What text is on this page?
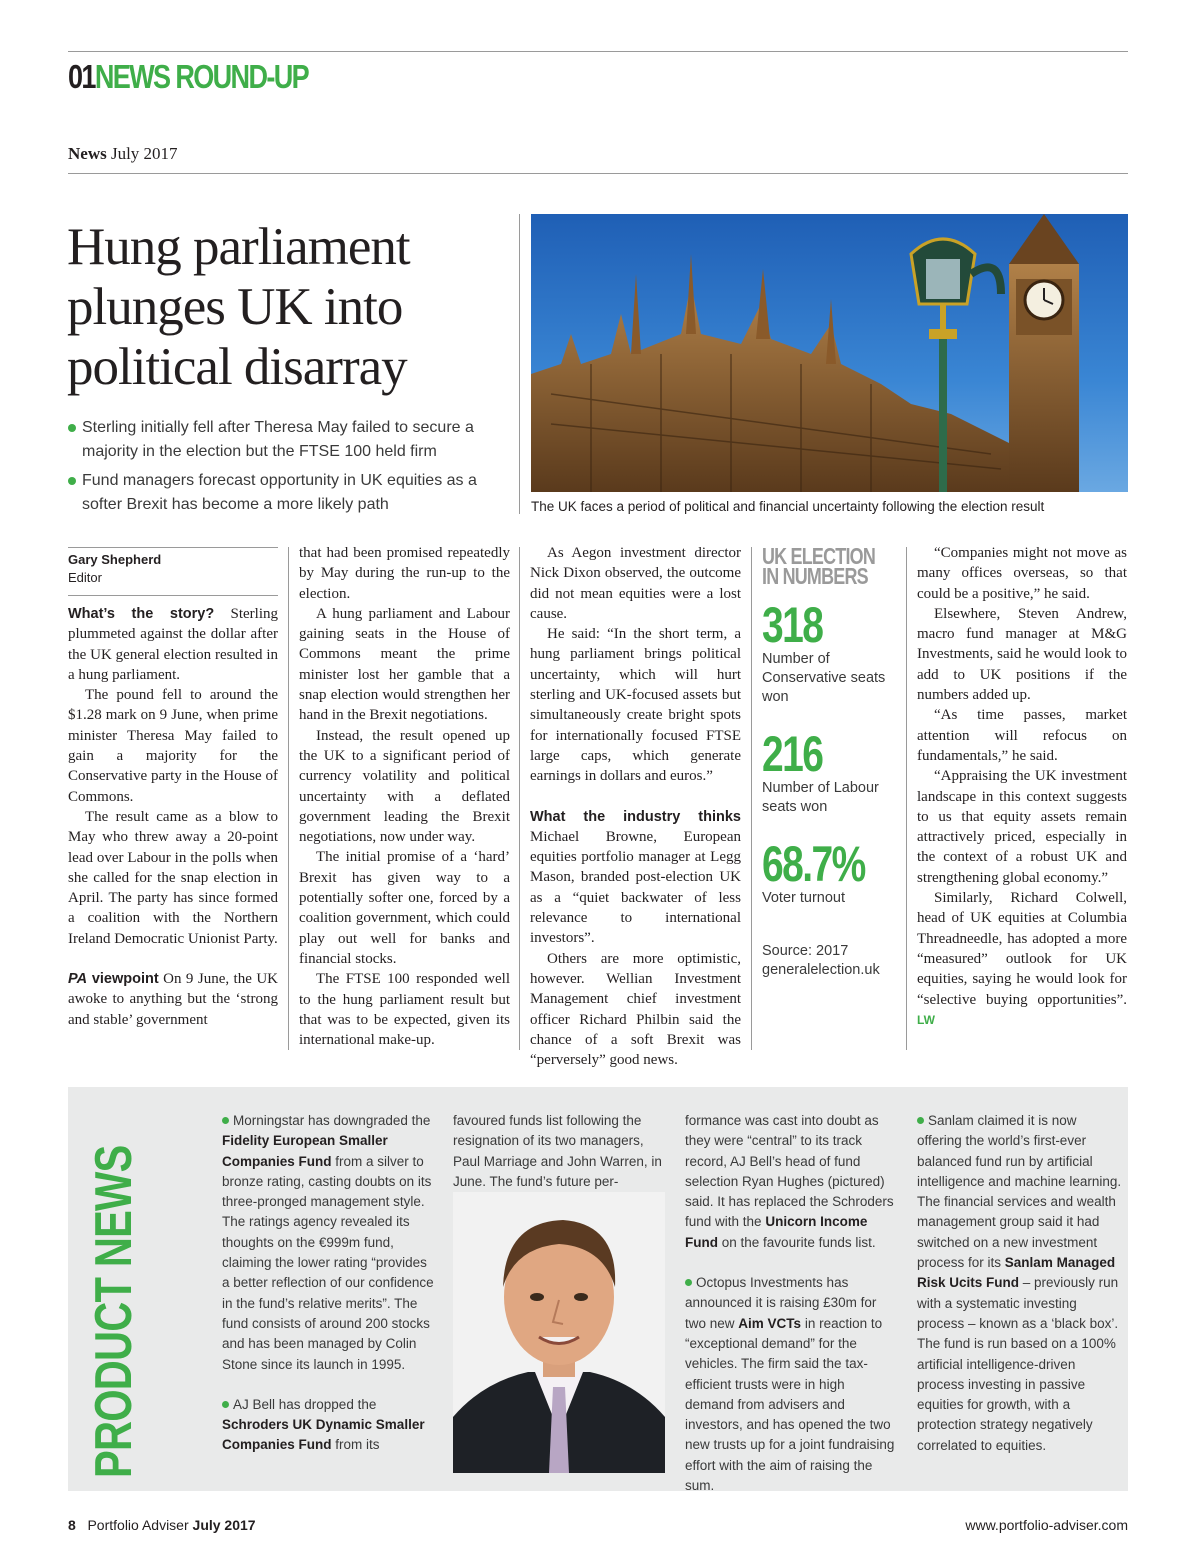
01NEWS ROUND-UP
News July 2017
Hung parliament
plunges UK into
political disarray
Sterling initially fell after Theresa May failed to secure a majority in the election but the FTSE 100 held firm
Fund managers forecast opportunity in UK equities as a softer Brexit has become a more likely path	The UK faces a period of political and financial uncertainty following the election result
Gary Shepherd
Editor

What’s the story? Sterling plummeted against the dollar after the UK general election resulted in a hung parliament.

The pound fell to around the $1.28 mark on 9 June, when prime minister Theresa May failed to gain a majority for the Conservative party in the House of Commons.

The result came as a blow to May who threw away a 20-point lead over Labour in the polls when she called for the snap election in April. The party has since formed a coalition with the Northern Ireland Democratic Unionist Party.

PA viewpoint On 9 June, the UK awoke to anything but the ‘strong and stable’ government

that had been promised repeatedly by May during the run-up to the election.

A hung parliament and Labour gaining seats in the House of Commons meant the prime minister lost her gamble that a snap election would strengthen her hand in the Brexit negotiations.

Instead, the result opened up the UK to a significant period of currency volatility and political uncertainty with a deflated government leading the Brexit negotiations, now under way.

The initial promise of a ‘hard’ Brexit has given way to a potentially softer one, forced by a coalition government, which could play out well for banks and financial stocks.

The FTSE 100 responded well to the hung parliament result but that was to be expected, given its international make-up.

As Aegon investment director Nick Dixon observed, the outcome did not mean equities were a lost cause.

He said: “In the short term, a hung parliament brings political uncertainty, which will hurt sterling and UK-focused assets but simultaneously create bright spots for internationally focused FTSE large caps, which generate earnings in dollars and euros.”

What the industry thinks Michael Browne, European equities portfolio manager at Legg Mason, branded post-election UK as a “quiet backwater of less relevance to international investors”.

Others are more optimistic, however. Wellian Investment Management chief investment officer Richard Philbin said the chance of a soft Brexit was “perversely” good news.

UK ELECTION
IN NUMBERS
318
Number of Conservative seats won
216
Number of Labour seats won
68.7%
Voter turnout
Source: 2017 generalelection.uk

“Companies might not move as many offices overseas, so that could be a positive,” he said.

Elsewhere, Steven Andrew, macro fund manager at M&G Investments, said he would look to add to UK positions if the numbers added up.

“As time passes, market attention will refocus on fundamentals,” he said.

“Appraising the UK investment landscape in this context suggests to us that equity assets remain attractively priced, especially in the context of a robust UK and strengthening global economy.”

Similarly, Richard Colwell, head of UK equities at Columbia Threadneedle, has adopted a more “measured” outlook for UK equities, saying he would look for “selective buying opportunities”. LW

PRODUCT NEWS

Morningstar has downgraded the Fidelity European Smaller Companies Fund from a silver to bronze rating, casting doubts on its three-pronged management style. The ratings agency revealed its thoughts on the €999m fund, claiming the lower rating “provides a better reflection of our confidence in the fund’s relative merits”. The fund consists of around 200 stocks and has been managed by Colin Stone since its launch in 1995.

AJ Bell has dropped the Schroders UK Dynamic Smaller Companies Fund from its

favoured funds list following the resignation of its two managers, Paul Marriage and John Warren, in June. The fund’s future per-

formance was cast into doubt as they were “central” to its track record, AJ Bell’s head of fund selection Ryan Hughes (pictured) said. It has replaced the Schroders fund with the Unicorn Income Fund on the favourite funds list.

Octopus Investments has announced it is raising £30m for two new Aim VCTs in reaction to “exceptional demand” for the vehicles. The firm said the tax-efficient trusts were in high demand from advisers and investors, and has opened the two new trusts up for a joint fundraising effort with the aim of raising the sum.

Sanlam claimed it is now offering the world’s first-ever balanced fund run by artificial intelligence and machine learning. The financial services and wealth management group said it had switched on a new investment process for its Sanlam Managed Risk Ucits Fund – previously run with a systematic investing process – known as a ‘black box’. The fund is run based on a 100% artificial intelligence-driven process investing in passive equities for growth, with a protection strategy negatively correlated to equities.

8 Portfolio Adviser July 2017	www.portfolio-adviser.com
